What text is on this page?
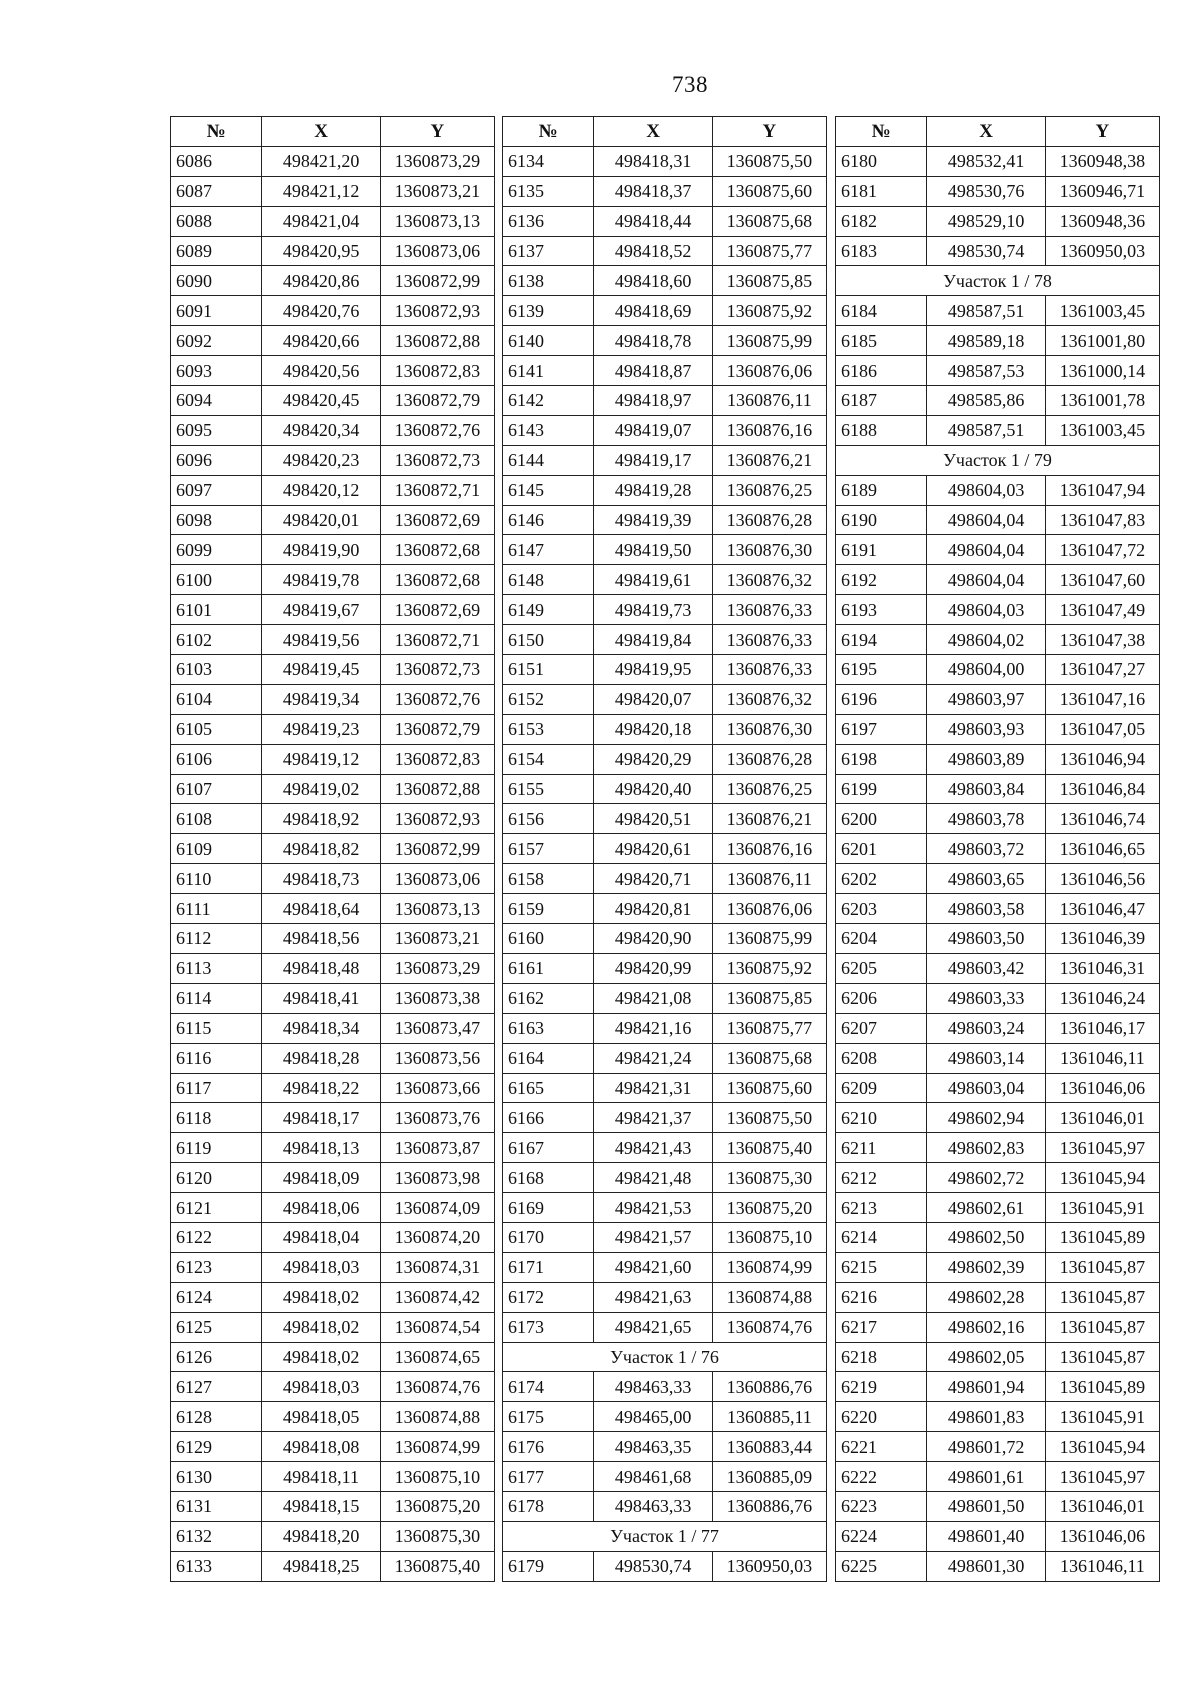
738
№	X	Y
6086	498421,20	1360873,29
6087	498421,12	1360873,21
6088	498421,04	1360873,13
6089	498420,95	1360873,06
6090	498420,86	1360872,99
6091	498420,76	1360872,93
6092	498420,66	1360872,88
6093	498420,56	1360872,83
6094	498420,45	1360872,79
6095	498420,34	1360872,76
6096	498420,23	1360872,73
6097	498420,12	1360872,71
6098	498420,01	1360872,69
6099	498419,90	1360872,68
6100	498419,78	1360872,68
6101	498419,67	1360872,69
6102	498419,56	1360872,71
6103	498419,45	1360872,73
6104	498419,34	1360872,76
6105	498419,23	1360872,79
6106	498419,12	1360872,83
6107	498419,02	1360872,88
6108	498418,92	1360872,93
6109	498418,82	1360872,99
6110	498418,73	1360873,06
6111	498418,64	1360873,13
6112	498418,56	1360873,21
6113	498418,48	1360873,29
6114	498418,41	1360873,38
6115	498418,34	1360873,47
6116	498418,28	1360873,56
6117	498418,22	1360873,66
6118	498418,17	1360873,76
6119	498418,13	1360873,87
6120	498418,09	1360873,98
6121	498418,06	1360874,09
6122	498418,04	1360874,20
6123	498418,03	1360874,31
6124	498418,02	1360874,42
6125	498418,02	1360874,54
6126	498418,02	1360874,65
6127	498418,03	1360874,76
6128	498418,05	1360874,88
6129	498418,08	1360874,99
6130	498418,11	1360875,10
6131	498418,15	1360875,20
6132	498418,20	1360875,30
6133	498418,25	1360875,40
№	X	Y
6134	498418,31	1360875,50
6135	498418,37	1360875,60
6136	498418,44	1360875,68
6137	498418,52	1360875,77
6138	498418,60	1360875,85
6139	498418,69	1360875,92
6140	498418,78	1360875,99
6141	498418,87	1360876,06
6142	498418,97	1360876,11
6143	498419,07	1360876,16
6144	498419,17	1360876,21
6145	498419,28	1360876,25
6146	498419,39	1360876,28
6147	498419,50	1360876,30
6148	498419,61	1360876,32
6149	498419,73	1360876,33
6150	498419,84	1360876,33
6151	498419,95	1360876,33
6152	498420,07	1360876,32
6153	498420,18	1360876,30
6154	498420,29	1360876,28
6155	498420,40	1360876,25
6156	498420,51	1360876,21
6157	498420,61	1360876,16
6158	498420,71	1360876,11
6159	498420,81	1360876,06
6160	498420,90	1360875,99
6161	498420,99	1360875,92
6162	498421,08	1360875,85
6163	498421,16	1360875,77
6164	498421,24	1360875,68
6165	498421,31	1360875,60
6166	498421,37	1360875,50
6167	498421,43	1360875,40
6168	498421,48	1360875,30
6169	498421,53	1360875,20
6170	498421,57	1360875,10
6171	498421,60	1360874,99
6172	498421,63	1360874,88
6173	498421,65	1360874,76
Участок 1 / 76		
6174	498463,33	1360886,76
6175	498465,00	1360885,11
6176	498463,35	1360883,44
6177	498461,68	1360885,09
6178	498463,33	1360886,76
Участок 1 / 77		
6179	498530,74	1360950,03
№	X	Y
6180	498532,41	1360948,38
6181	498530,76	1360946,71
6182	498529,10	1360948,36
6183	498530,74	1360950,03
Участок 1 / 78		
6184	498587,51	1361003,45
6185	498589,18	1361001,80
6186	498587,53	1361000,14
6187	498585,86	1361001,78
6188	498587,51	1361003,45
Участок 1 / 79		
6189	498604,03	1361047,94
6190	498604,04	1361047,83
6191	498604,04	1361047,72
6192	498604,04	1361047,60
6193	498604,03	1361047,49
6194	498604,02	1361047,38
6195	498604,00	1361047,27
6196	498603,97	1361047,16
6197	498603,93	1361047,05
6198	498603,89	1361046,94
6199	498603,84	1361046,84
6200	498603,78	1361046,74
6201	498603,72	1361046,65
6202	498603,65	1361046,56
6203	498603,58	1361046,47
6204	498603,50	1361046,39
6205	498603,42	1361046,31
6206	498603,33	1361046,24
6207	498603,24	1361046,17
6208	498603,14	1361046,11
6209	498603,04	1361046,06
6210	498602,94	1361046,01
6211	498602,83	1361045,97
6212	498602,72	1361045,94
6213	498602,61	1361045,91
6214	498602,50	1361045,89
6215	498602,39	1361045,87
6216	498602,28	1361045,87
6217	498602,16	1361045,87
6218	498602,05	1361045,87
6219	498601,94	1361045,89
6220	498601,83	1361045,91
6221	498601,72	1361045,94
6222	498601,61	1361045,97
6223	498601,50	1361046,01
6224	498601,40	1361046,06
6225	498601,30	1361046,11
